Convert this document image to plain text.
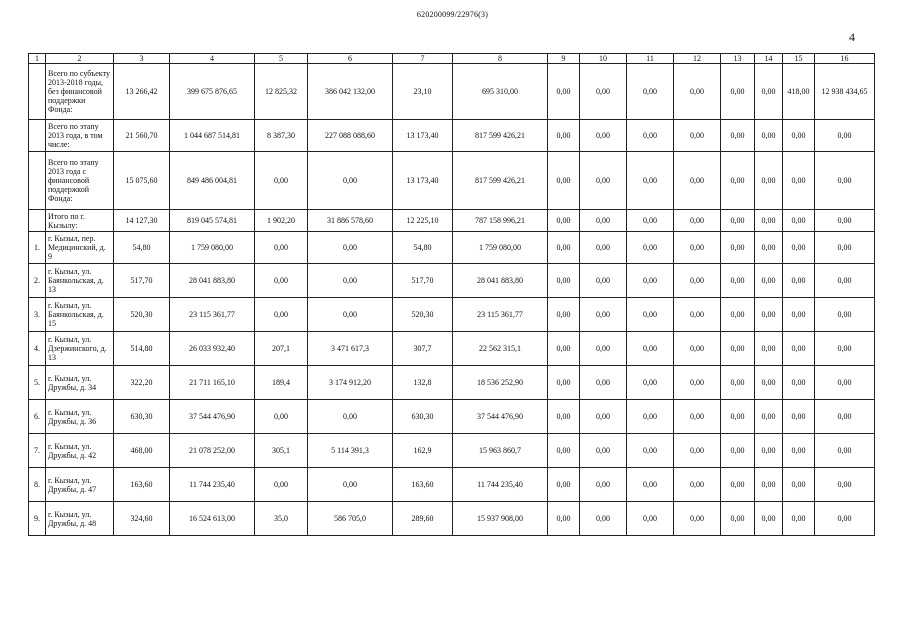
620200099/22976(3)
4
1	2	3	4	5	6	7	8	9	10	11	12	13	14	15	16
	Всего по субъекту 2013-2018 годы, без финансовой поддержки Фонда:	13 266,42	399 675 876,65	12 825,32	386 042 132,00	23,10	695 310,00	0,00	0,00	0,00	0,00	0,00	0,00	418,00	12 938 434,65
	Всего по этапу 2013 года, в том числе:	21 560,70	1 044 687 514,81	8 387,30	227 088 088,60	13 173,40	817 599 426,21	0,00	0,00	0,00	0,00	0,00	0,00	0,00	0,00
	Всего по этапу 2013 года с финансовой поддержкой Фонда:	15 075,60	849 486 004,81	0,00	0,00	13 173,40	817 599 426,21	0,00	0,00	0,00	0,00	0,00	0,00	0,00	0,00
	Итого по г. Кызылу:	14 127,30	819 045 574,81	1 902,20	31 886 578,60	12 225,10	787 158 996,21	0,00	0,00	0,00	0,00	0,00	0,00	0,00	0,00
1.	г. Кызыл, пер. Медицинский, д. 9	54,80	1 759 080,00	0,00	0,00	54,80	1 759 080,00	0,00	0,00	0,00	0,00	0,00	0,00	0,00	0,00
2.	г. Кызыл, ул. Баянкольская, д. 13	517,70	28 041 883,80	0,00	0,00	517,70	28 041 883,80	0,00	0,00	0,00	0,00	0,00	0,00	0,00	0,00
3.	г. Кызыл, ул. Баянкольская, д. 15	520,30	23 115 361,77	0,00	0,00	520,30	23 115 361,77	0,00	0,00	0,00	0,00	0,00	0,00	0,00	0,00
4.	г. Кызыл, ул. Дзержинского, д. 13	514,80	26 033 932,40	207,1	3 471 617,3	307,7	22 562 315,1	0,00	0,00	0,00	0,00	0,00	0,00	0,00	0,00
5.	г. Кызыл, ул. Дружбы, д. 34	322,20	21 711 165,10	189,4	3 174 912,20	132,8	18 536 252,90	0,00	0,00	0,00	0,00	0,00	0,00	0,00	0,00
6.	г. Кызыл, ул. Дружбы, д. 36	630,30	37 544 476,90	0,00	0,00	630,30	37 544 476,90	0,00	0,00	0,00	0,00	0,00	0,00	0,00	0,00
7.	г. Кызыл, ул. Дружбы, д. 42	468,00	21 078 252,00	305,1	5 114 391,3	162,9	15 963 860,7	0,00	0,00	0,00	0,00	0,00	0,00	0,00	0,00
8.	г. Кызыл, ул. Дружбы, д. 47	163,60	11 744 235,40	0,00	0,00	163,60	11 744 235,40	0,00	0,00	0,00	0,00	0,00	0,00	0,00	0,00
9.	г. Кызыл, ул. Дружбы, д. 48	324,60	16 524 613,00	35,0	586 705,0	289,60	15 937 908,00	0,00	0,00	0,00	0,00	0,00	0,00	0,00	0,00
